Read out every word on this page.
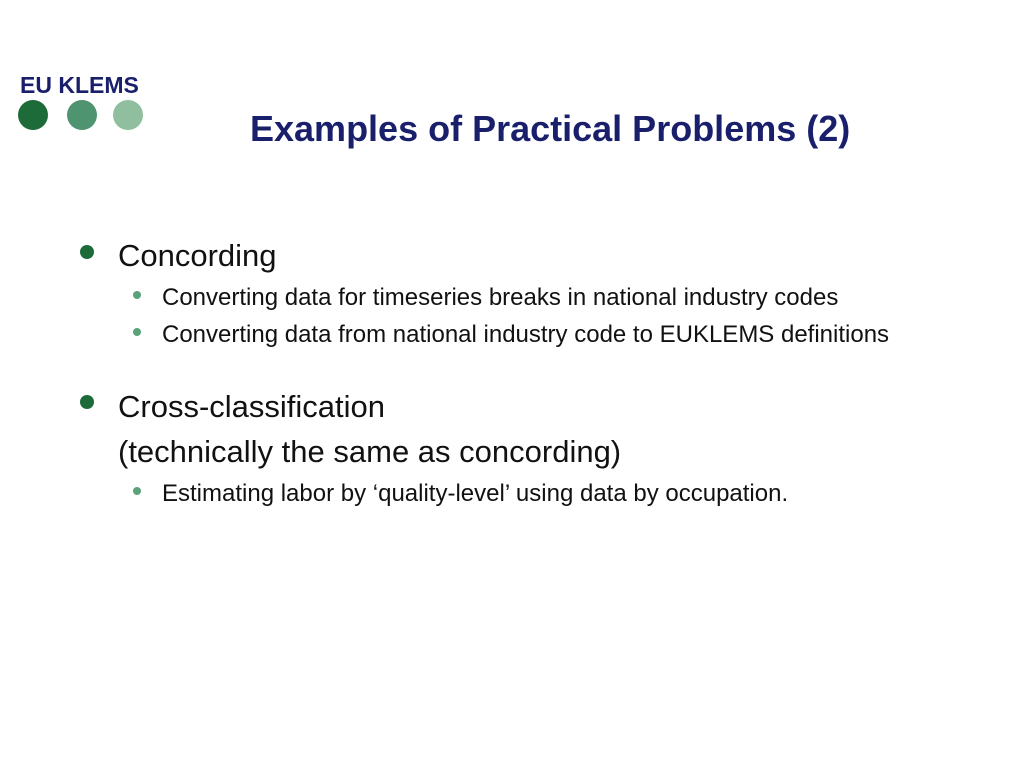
EU KLEMS
Examples of Practical Problems (2)
Concording
Converting data for timeseries breaks in national industry codes
Converting data from national industry code to EUKLEMS definitions
Cross-classification
(technically the same as concording)
Estimating labor by ‘quality-level’ using data by occupation.
